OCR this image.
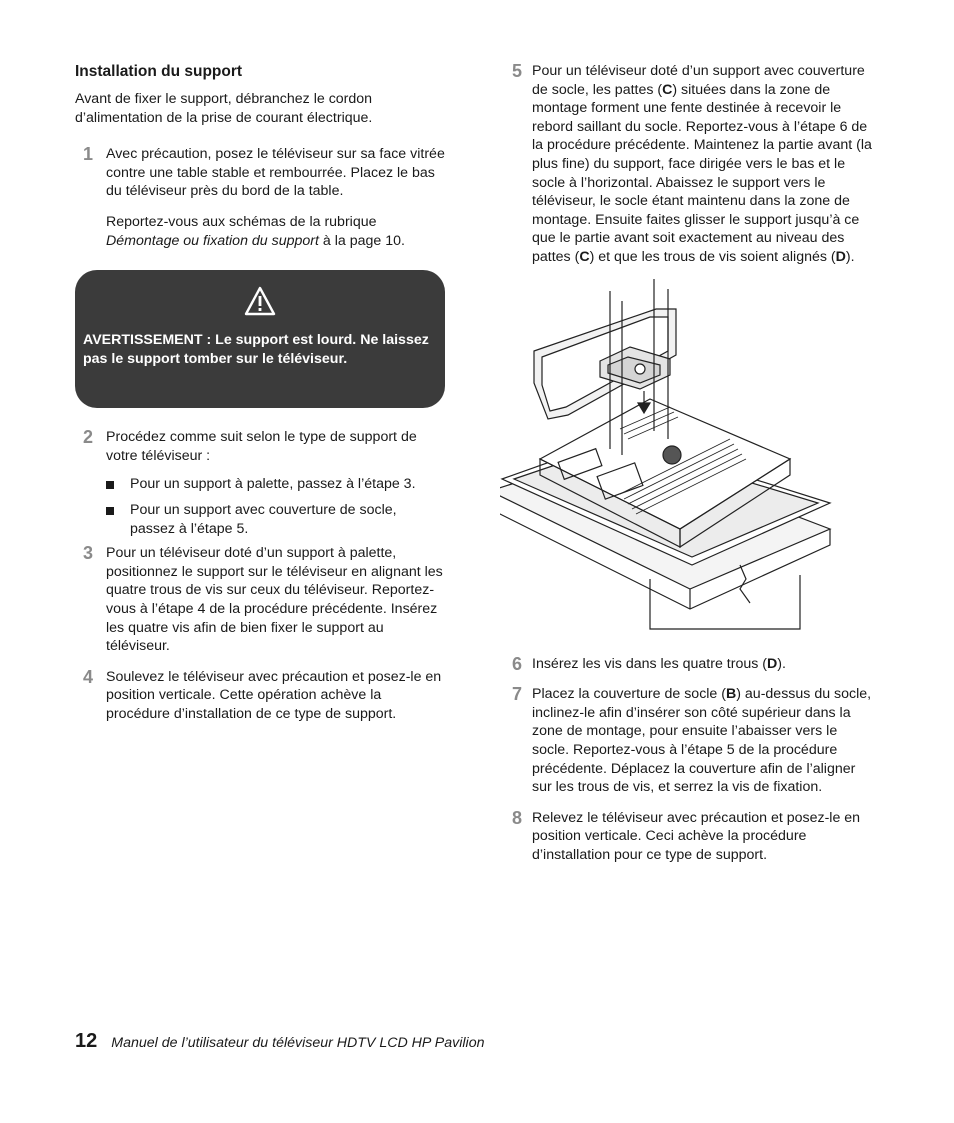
Installation du support

Avant de fixer le support, débranchez le cordon d’alimentation de la prise de courant électrique.

1 Avec précaution, posez le téléviseur sur sa face vitrée contre une table stable et rembourrée. Placez le bas du téléviseur près du bord de la table.

Reportez-vous aux schémas de la rubrique Démontage ou fixation du support à la page 10.

AVERTISSEMENT : Le support est lourd. Ne laissez pas le support tomber sur le téléviseur.
2 Procédez comme suit selon le type de support de votre téléviseur :

Pour un support à palette, passez à l’étape 3.
Pour un support avec couverture de socle, passez à l’étape 5.
3 Pour un téléviseur doté d’un support à palette, positionnez le support sur le téléviseur en alignant les quatre trous de vis sur ceux du téléviseur. Reportez-vous à l’étape 4 de la procédure précédente. Insérez les quatre vis afin de bien fixer le support au téléviseur.

4 Soulevez le téléviseur avec précaution et posez-le en position verticale. Cette opération achève la procédure d’installation de ce type de support.

5 Pour un téléviseur doté d’un support avec couverture de socle, les pattes (C) situées dans la zone de montage forment une fente destinée à recevoir le rebord saillant du socle. Reportez-vous à l’étape 6 de la procédure précédente. Maintenez la partie avant (la plus fine) du support, face dirigée vers le bas et le socle à l’horizontal. Abaissez le support vers le téléviseur, le socle étant maintenu dans la zone de montage. Ensuite faites glisser le support jusqu’à ce que le partie avant soit exactement au niveau des pattes (C) et que les trous de vis soient alignés (D).

6 Insérez les vis dans les quatre trous (D).

7 Placez la couverture de socle (B) au-dessus du socle, inclinez-le afin d’insérer son côté supérieur dans la zone de montage, pour ensuite l’abaisser vers le socle. Reportez-vous à l’étape 5 de la procédure précédente. Déplacez la couverture afin de l’aligner sur les trous de vis, et serrez la vis de fixation.

8 Relevez le téléviseur avec précaution et posez-le en position verticale. Ceci achève la procédure d’installation pour ce type de support.

12 Manuel de l’utilisateur du téléviseur HDTV LCD HP Pavilion
